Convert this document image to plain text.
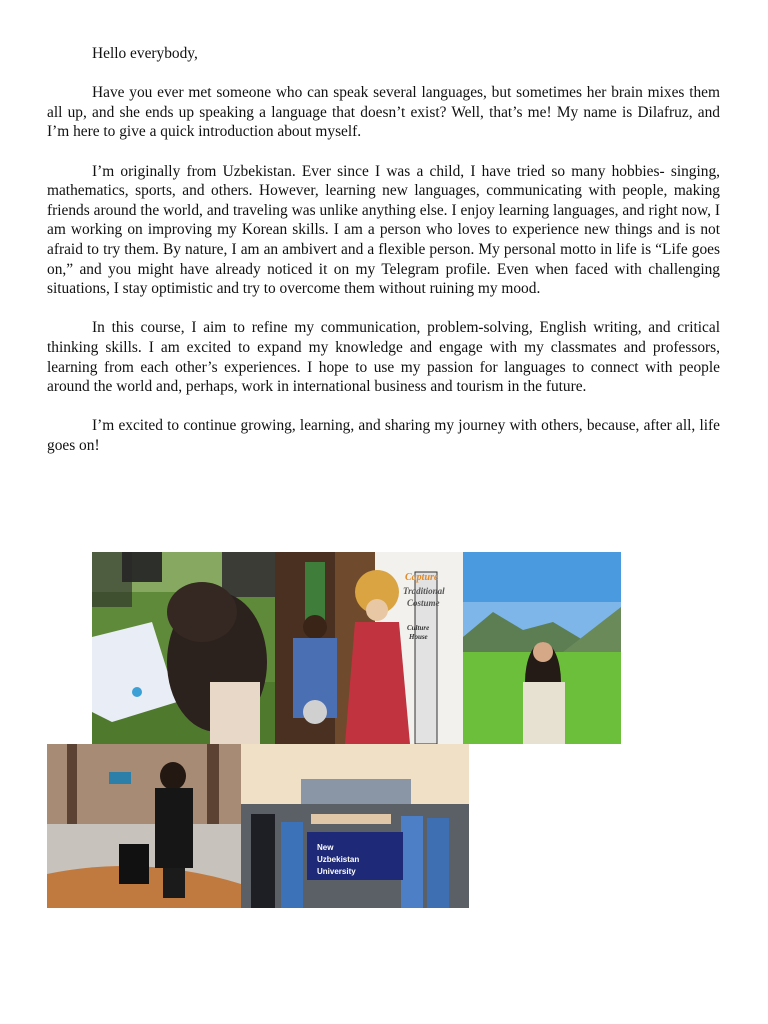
Hello everybody,

Have you ever met someone who can speak several languages, but sometimes her brain mixes them all up, and she ends up speaking a language that doesn’t exist? Well, that’s me! My name is Dilafruz, and I’m here to give a quick introduction about myself.

I’m originally from Uzbekistan. Ever since I was a child, I have tried so many hobbies- singing, mathematics, sports, and others. However, learning new languages, communicating with people, making friends around the world, and traveling was unlike anything else. I enjoy learning languages, and right now, I am working on improving my Korean skills. I am a person who loves to experience new things and is not afraid to try them. By nature, I am an ambivert and a flexible person. My personal motto in life is “Life goes on,” and you might have already noticed it on my Telegram profile. Even when faced with challenging situations, I stay optimistic and try to overcome them without ruining my mood.

In this course, I aim to refine my communication, problem-solving, English writing, and critical thinking skills. I am excited to expand my knowledge and engage with my classmates and professors, learning from each other’s experiences. I hope to use my passion for languages to connect with people around the world and, perhaps, work in international business and tourism in the future.

I’m excited to continue growing, learning, and sharing my journey with others, because, after all, life goes on!

Capture
Traditional
Costume
Culture
House
New
Uzbekistan
University
